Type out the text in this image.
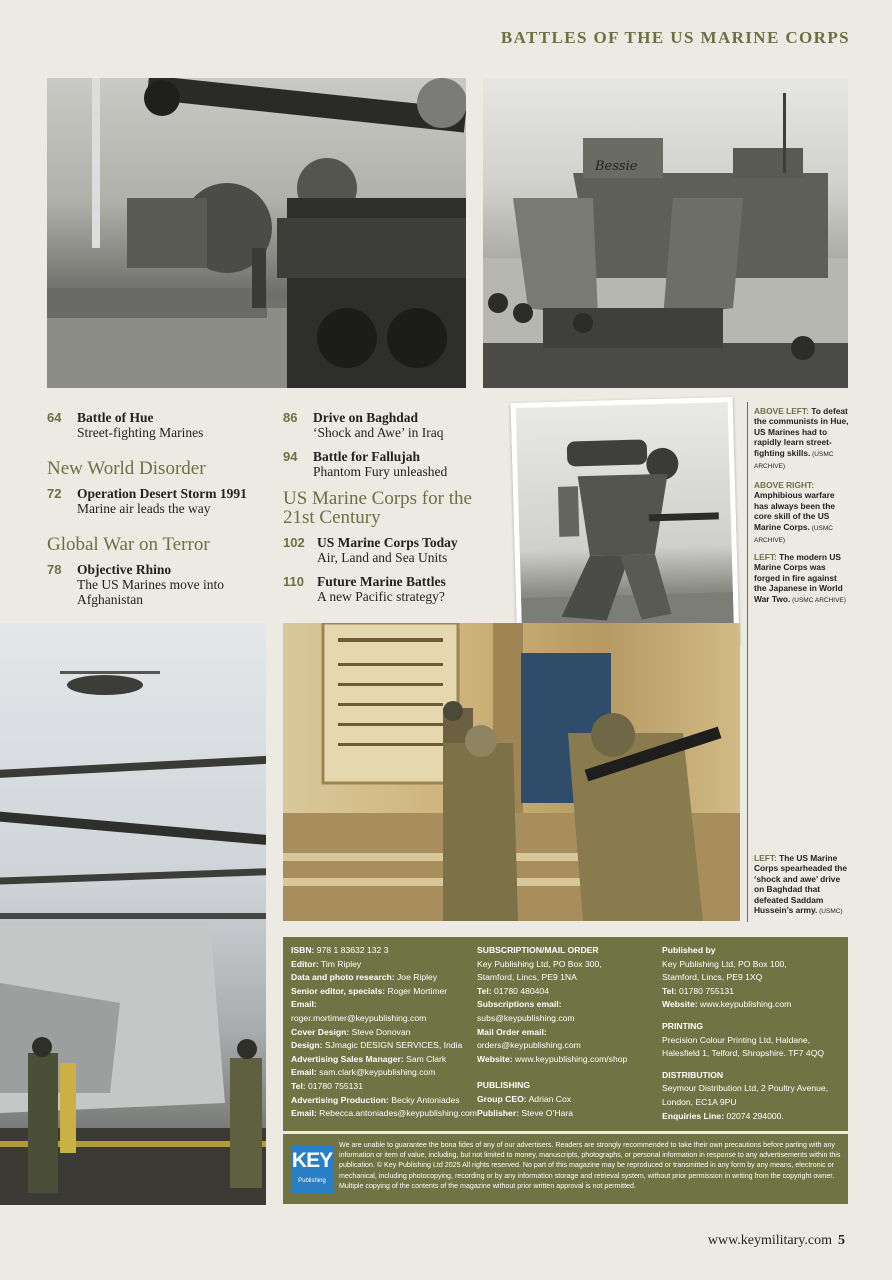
BATTLES OF THE US MARINE CORPS
Bessie
64	Battle of Hue
Street-fighting Marines
New World Disorder
72	Operation Desert Storm 1991
Marine air leads the way
Global War on Terror
78	Objective Rhino
The US Marines move into Afghanistan
86	Drive on Baghdad
‘Shock and Awe’ in Iraq
94	Battle for Fallujah
Phantom Fury unleashed
US Marine Corps for the 21st Century
102 US Marine Corps Today
Air, Land and Sea Units
110 Future Marine Battles
A new Pacific strategy?
ABOVE LEFT: To defeat the communists in Hue, US Marines had to rapidly learn street-fighting skills. (USMC ARCHIVE)
ABOVE RIGHT: Amphibious warfare has always been the core skill of the US Marine Corps. (USMC ARCHIVE)
LEFT: The modern US Marine Corps was forged in fire against the Japanese in World War Two. (USMC ARCHIVE)
LEFT: The US Marine Corps spearheaded the ‘shock and awe’ drive on Baghdad that defeated Saddam Hussein’s army. (USMC)
ISBN: 978 1 83632 132 3
Editor: Tim Ripley
Data and photo research: Joe Ripley
Senior editor, specials: Roger Mortimer
Email:
roger.mortimer@keypublishing.com
Cover Design: Steve Donovan
Design: SJmagic DESIGN SERVICES, India
Advertising Sales Manager: Sam Clark
Email: sam.clark@keypublishing.com
Tel: 01780 755131
Advertising Production: Becky Antoniades
Email: Rebecca.antoniades@keypublishing.com
SUBSCRIPTION/MAIL ORDER
Key Publishing Ltd, PO Box 300,
Stamford, Lincs, PE9 1NA
Tel: 01780 480404
Subscriptions email:
subs@keypublishing.com
Mail Order email:
orders@keypublishing.com
Website: www.keypublishing.com/shop
PUBLISHING
Group CEO: Adrian Cox
Publisher: Steve O’Hara
Published by
Key Publishing Ltd, PO Box 100,
Stamford, Lincs, PE9 1XQ
Tel: 01780 755131
Website: www.keypublishing.com
PRINTING
Precision Colour Printing Ltd, Haldane,
Halesfield 1, Telford, Shropshire. TF7 4QQ
DISTRIBUTION
Seymour Distribution Ltd, 2 Poultry Avenue,
London, EC1A 9PU
Enquiries Line: 02074 294000.
KEY
Publishing
We are unable to guarantee the bona fides of any of our advertisers. Readers are strongly recommended to take their own precautions before parting with any information or item of value, including, but not limited to money, manuscripts, photographs, or personal information in response to any advertisements within this publication. © Key Publishing Ltd 2025 All rights reserved. No part of this magazine may be reproduced or transmitted in any form by any means, electronic or mechanical, including photocopying, recording or by any information storage and retrieval system, without prior permission in writing from the copyright owner. Multiple copying of the contents of the magazine without prior written approval is not permitted.
www.keymilitary.com 5
